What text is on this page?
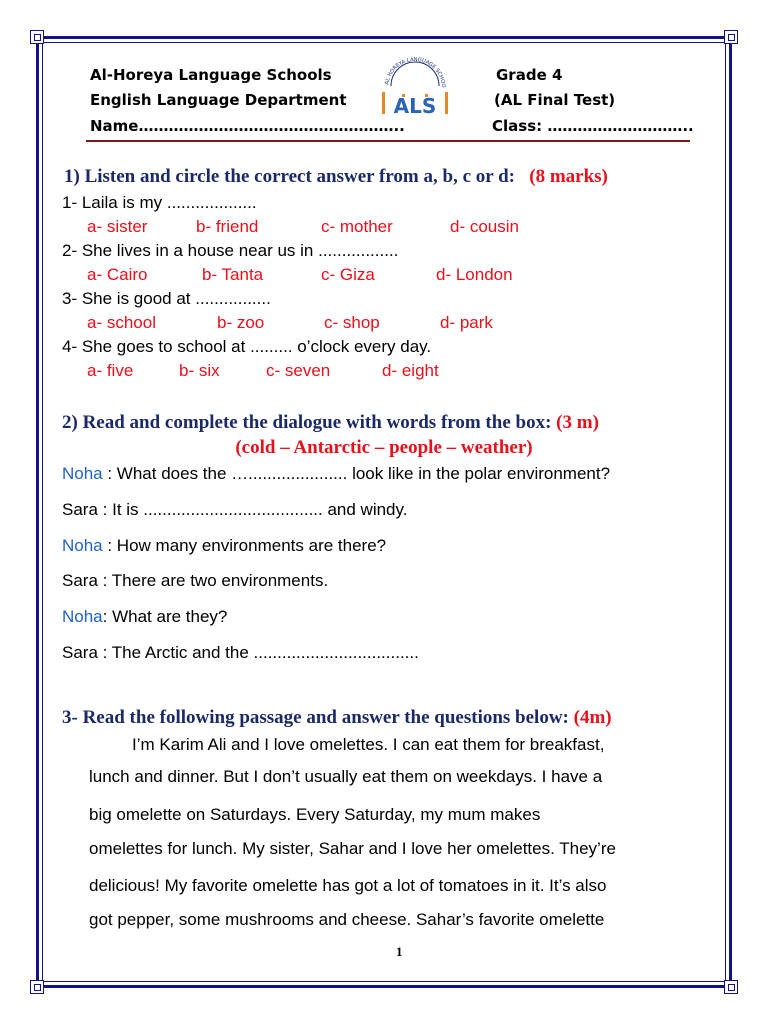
Al-Horeya Language Schools
English Language Department
Name……………………………………………..
Grade 4
(AL Final Test)
Class: ………………………..
AL HOREYA LANGUAGE SCHOO
ALS
1) Listen and circle the correct answer from a, b, c or d: (8 marks)
1- Laila is my ...................
a- sister	b- friend	c- mother	d- cousin
2- She lives in a house near us in .................
a- Cairo	b- Tanta	c- Giza	d- London
3- She is good at ................
a- school	b- zoo	c- shop	d- park
4- She goes to school at ......... o’clock every day.
a- five	b- six	c- seven	d- eight
2) Read and complete the dialogue with words from the box: (3 m)
(cold – Antarctic – people – weather)
Noha : What does the …..................... look like in the polar environment?
Sara : It is ...................................... and windy.
Noha : How many environments are there?
Sara : There are two environments.
Noha: What are they?
Sara : The Arctic and the ...................................
3- Read the following passage and answer the questions below: (4m)
I’m Karim Ali and I love omelettes. I can eat them for breakfast,
lunch and dinner. But I don’t usually eat them on weekdays. I have a
big omelette on Saturdays. Every Saturday, my mum makes
omelettes for lunch. My sister, Sahar and I love her omelettes. They’re
delicious! My favorite omelette has got a lot of tomatoes in it. It’s also
got pepper, some mushrooms and cheese. Sahar’s favorite omelette
1
